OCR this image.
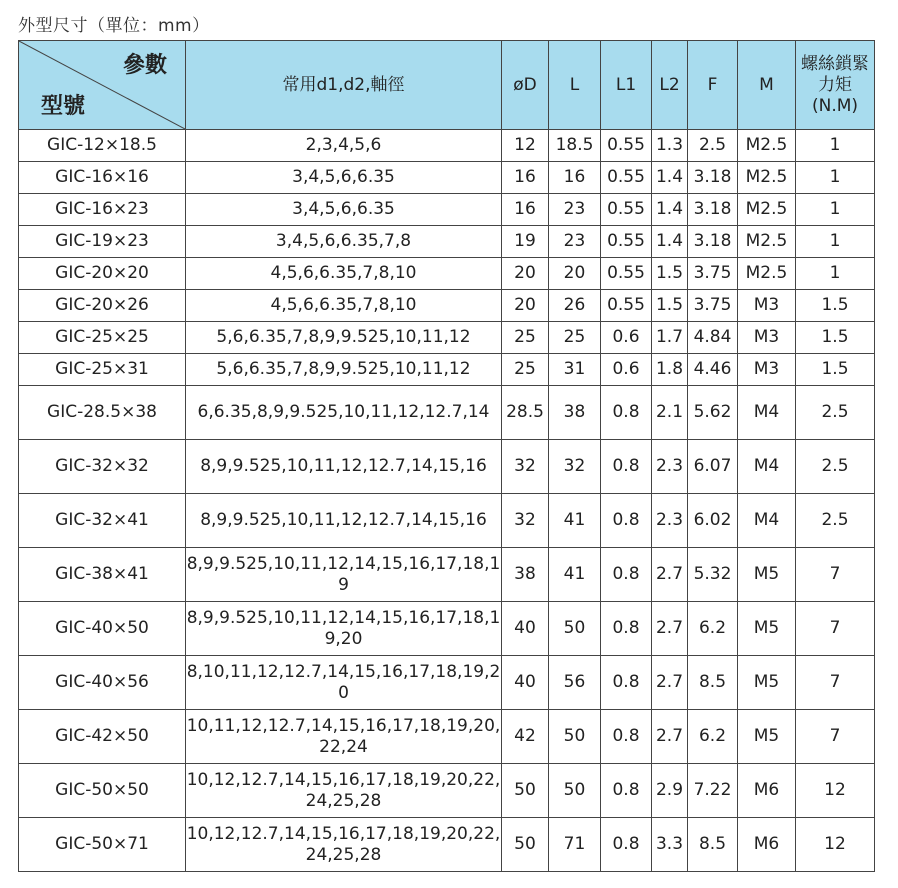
外型尺寸（單位：mm）
參數
型號	常用d1,d2,軸徑	øD	L	L1	L2	F	M	螺絲鎖緊力矩(N.M)
GIC-12×18.5	2,3,4,5,6	12	18.5	0.55	1.3	2.5	M2.5	1
GIC-16×16	3,4,5,6,6.35	16	16	0.55	1.4	3.18	M2.5	1
GIC-16×23	3,4,5,6,6.35	16	23	0.55	1.4	3.18	M2.5	1
GIC-19×23	3,4,5,6,6.35,7,8	19	23	0.55	1.4	3.18	M2.5	1
GIC-20×20	4,5,6,6.35,7,8,10	20	20	0.55	1.5	3.75	M2.5	1
GIC-20×26	4,5,6,6.35,7,8,10	20	26	0.55	1.5	3.75	M3	1.5
GIC-25×25	5,6,6.35,7,8,9,9.525,10,11,12	25	25	0.6	1.7	4.84	M3	1.5
GIC-25×31	5,6,6.35,7,8,9,9.525,10,11,12	25	31	0.6	1.8	4.46	M3	1.5
GIC-28.5×38	6,6.35,8,9,9.525,10,11,12,12.7,14	28.5	38	0.8	2.1	5.62	M4	2.5
GIC-32×32	8,9,9.525,10,11,12,12.7,14,15,16	32	32	0.8	2.3	6.07	M4	2.5
GIC-32×41	8,9,9.525,10,11,12,12.7,14,15,16	32	41	0.8	2.3	6.02	M4	2.5
GIC-38×41	8,9,9.525,10,11,12,14,15,16,17,18,19	38	41	0.8	2.7	5.32	M5	7
GIC-40×50	8,9,9.525,10,11,12,14,15,16,17,18,19,20	40	50	0.8	2.7	6.2	M5	7
GIC-40×56	8,10,11,12,12.7,14,15,16,17,18,19,20	40	56	0.8	2.7	8.5	M5	7
GIC-42×50	10,11,12,12.7,14,15,16,17,18,19,20,22,24	42	50	0.8	2.7	6.2	M5	7
GIC-50×50	10,12,12.7,14,15,16,17,18,19,20,22,24,25,28	50	50	0.8	2.9	7.22	M6	12
GIC-50×71	10,12,12.7,14,15,16,17,18,19,20,22,24,25,28	50	71	0.8	3.3	8.5	M6	12
